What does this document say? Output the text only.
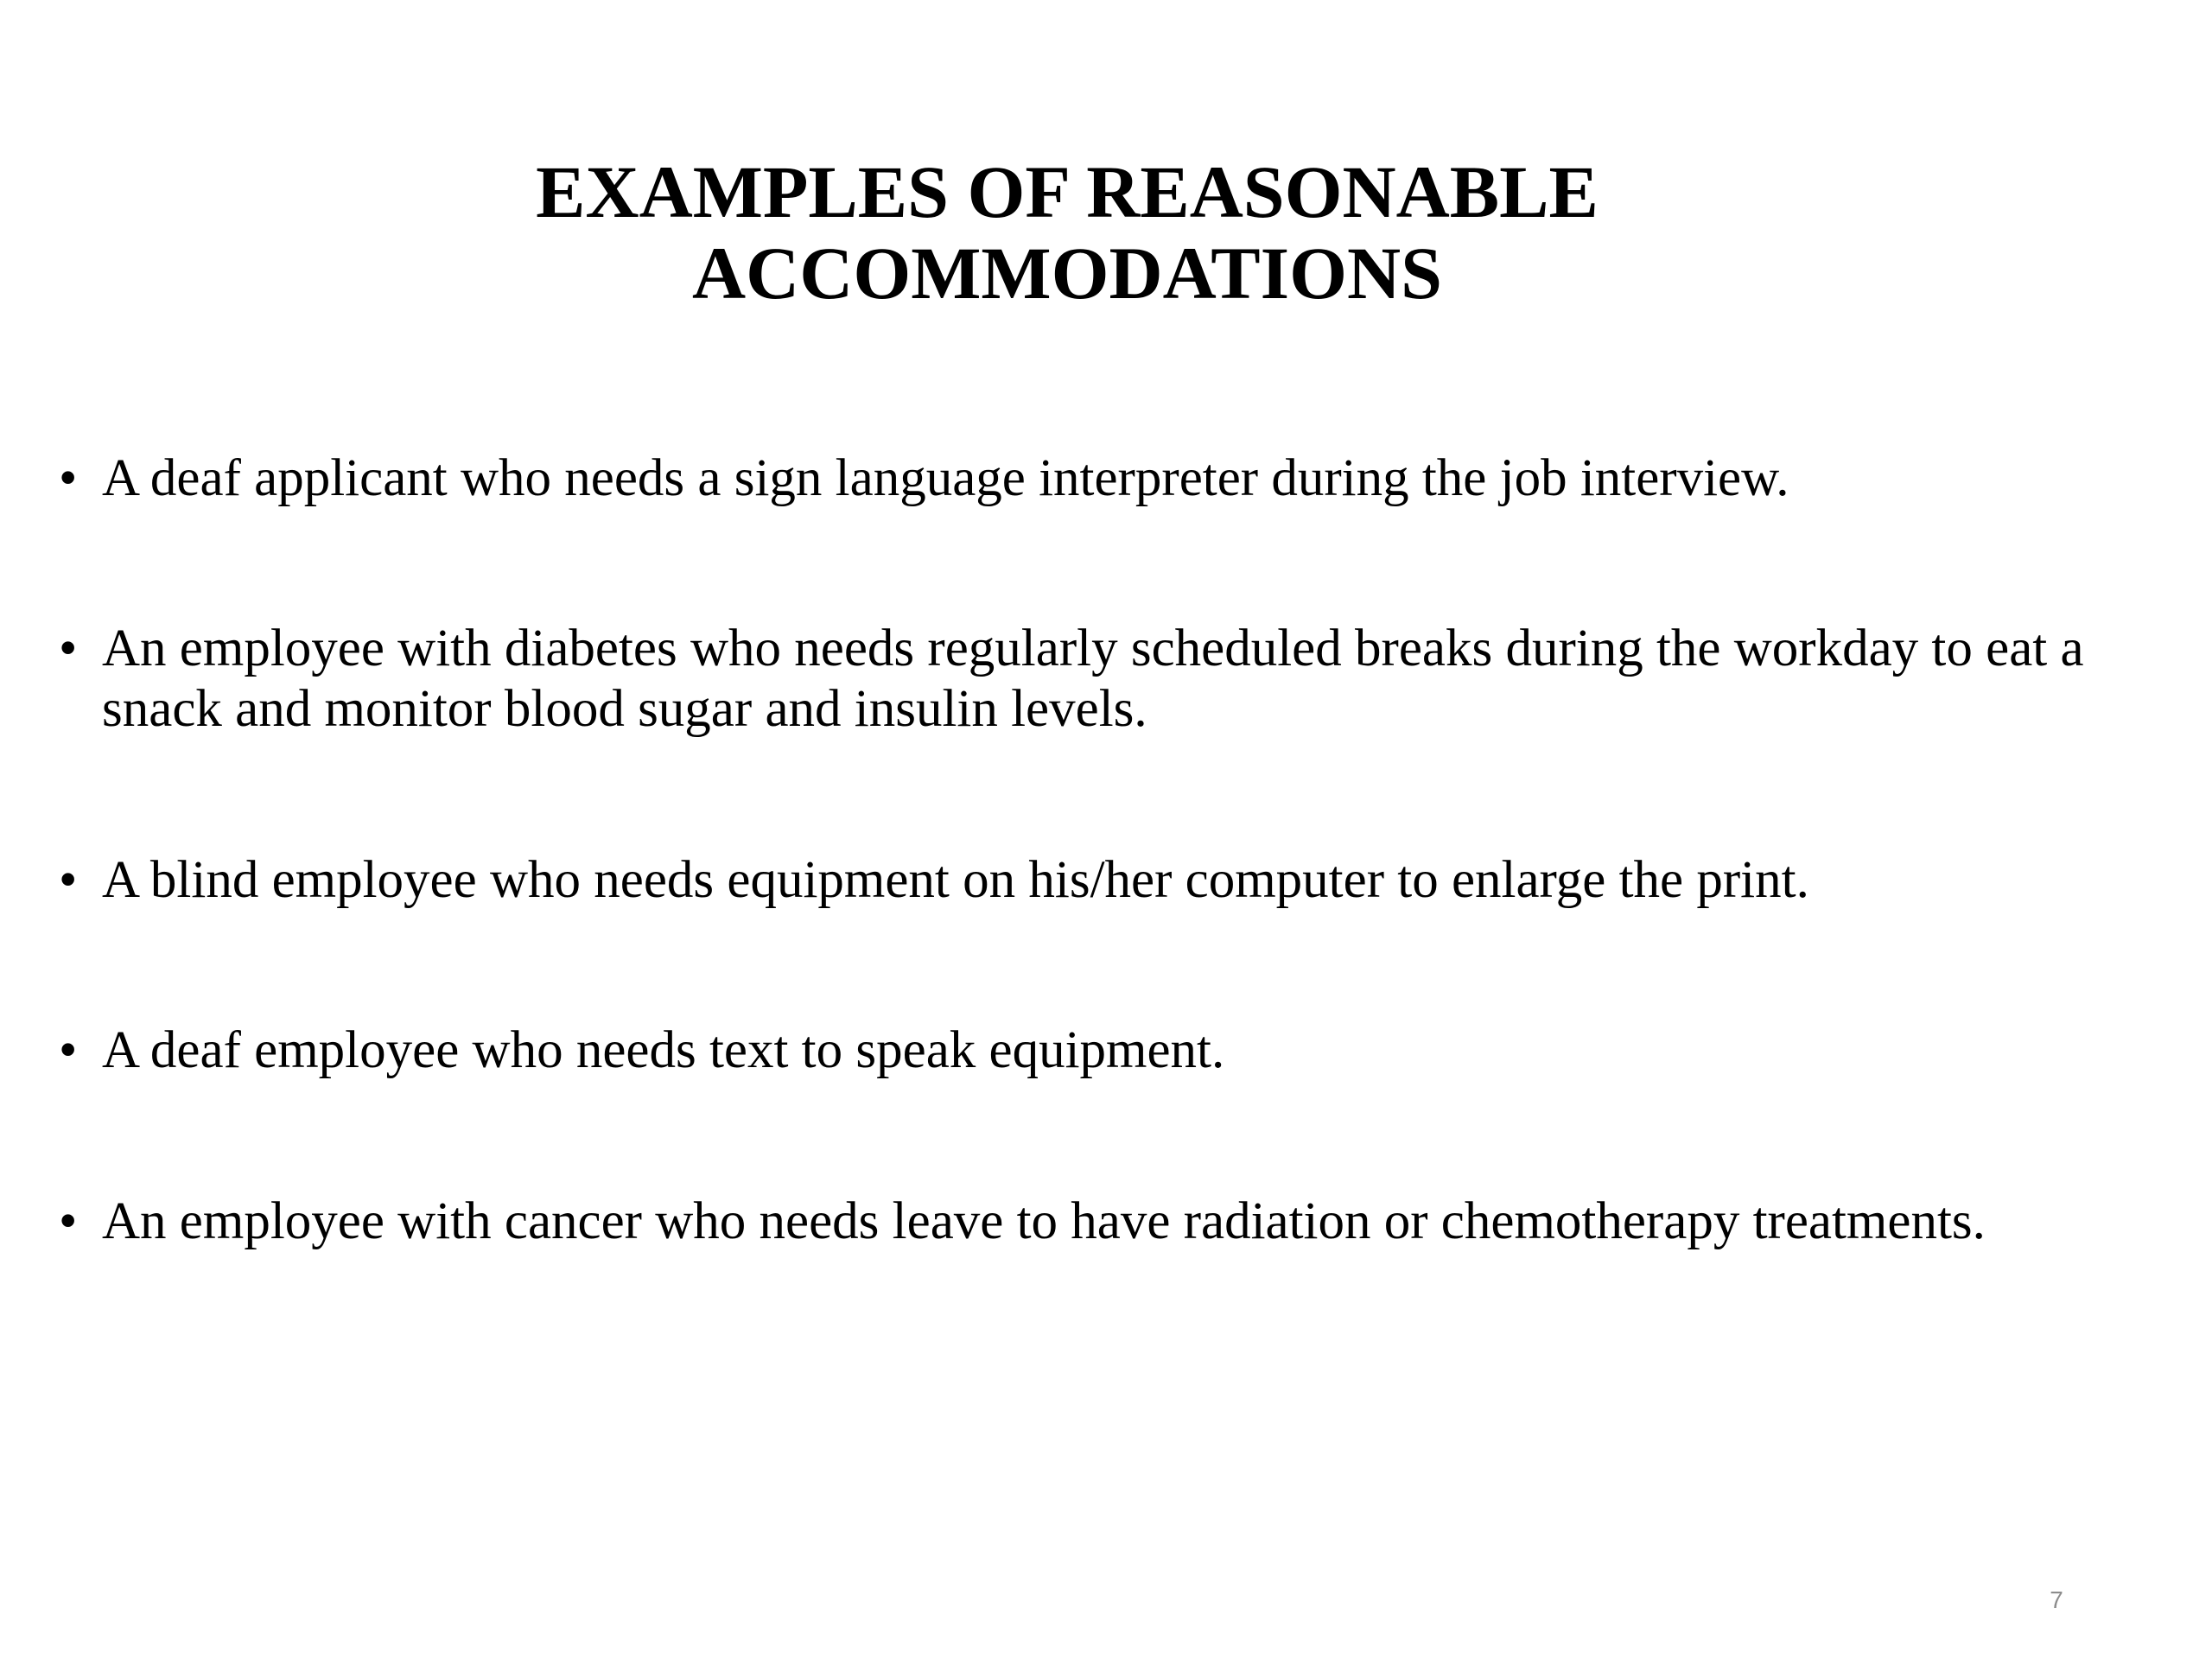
EXAMPLES OF REASONABLE
ACCOMMODATIONS
• A deaf applicant who needs a sign language interpreter during the job interview.
• An employee with diabetes who needs regularly scheduled breaks during the workday to eat a snack and monitor blood sugar and insulin levels.
• A blind employee who needs equipment on his/her computer to enlarge the print.
• A deaf employee who needs text to speak equipment.
• An employee with cancer who needs leave to have radiation or chemotherapy treatments.
7
